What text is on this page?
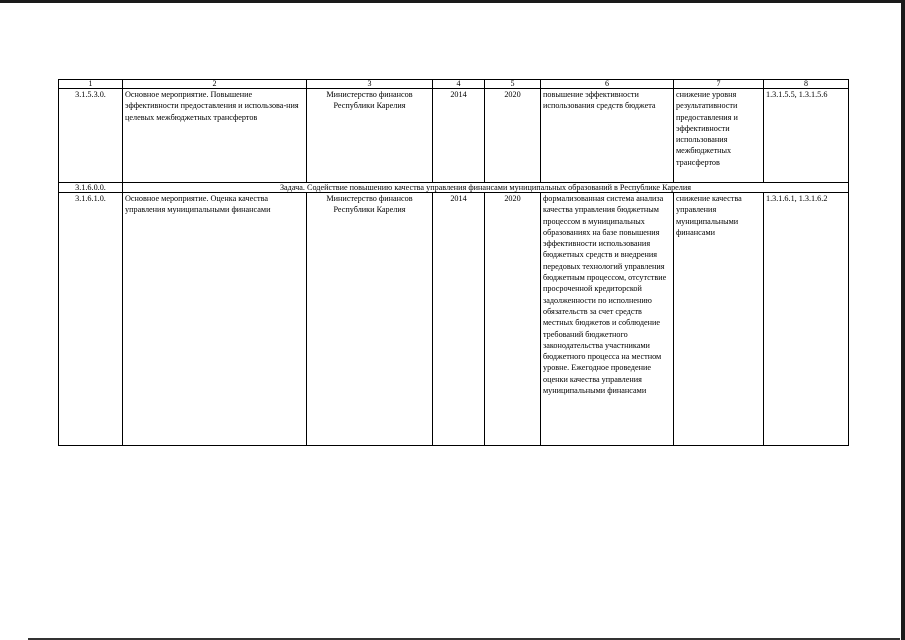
1	2	3	4	5	6	7	8
3.1.5.3.0.	Основное мероприятие. Повышение эффективности предоставления и использова-ния целевых межбюджетных трансфертов	Министерство финансов Республики Карелия	2014	2020	повышение эффективности использования средств бюджета	снижение уровня результативности предоставления и эффективности использования межбюджетных трансфертов	1.3.1.5.5, 1.3.1.5.6
3.1.6.0.0.	Задача. Содействие повышению качества управления финансами муниципальных образований в Республике Карелия						
3.1.6.1.0.	Основное мероприятие. Оценка качества управления муниципальными финансами	Министерство финансов Республики Карелия	2014	2020	формализованная система анализа качества управления бюджетным процессом в муниципальных образованиях на базе повышения эффективности использования бюджетных средств и внедрения передовых технологий управления бюджетным процессом, отсутствие просроченной кредиторской задолженности по исполнению обязательств за счет средств местных бюджетов и соблюдение требований бюджетного законодательства участниками бюджетного процесса на местном уровне. Ежегодное проведение оценки качества управления муниципальными финансами	снижение качества управления муниципальными финансами	1.3.1.6.1, 1.3.1.6.2
